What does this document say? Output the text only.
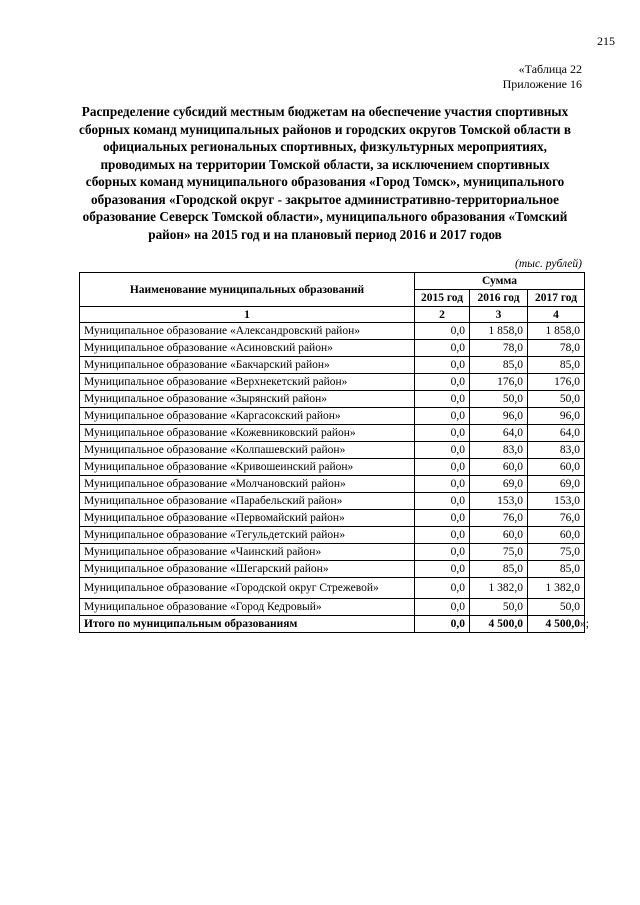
215
«Таблица 22
Приложение 16
Распределение субсидий местным бюджетам на обеспечение участия спортивных сборных команд муниципальных районов и городских округов Томской области в официальных региональных спортивных, физкультурных мероприятиях, проводимых на территории Томской области, за исключением спортивных сборных команд муниципального образования «Город Томск», муниципального образования «Городской округ - закрытое административно-территориальное образование Северск Томской области», муниципального образования «Томский район» на 2015 год и на плановый период 2016 и 2017 годов
(тыс. рублей)
Наименование муниципальных образований	Сумма		
	2015 год	2016 год	2017 год
1	2	3	4
Муниципальное образование «Александровский район»	0,0	1 858,0	1 858,0
Муниципальное образование «Асиновский район»	0,0	78,0	78,0
Муниципальное образование «Бакчарский район»	0,0	85,0	85,0
Муниципальное образование «Верхнекетский район»	0,0	176,0	176,0
Муниципальное образование «Зырянский район»	0,0	50,0	50,0
Муниципальное образование «Каргасокский район»	0,0	96,0	96,0
Муниципальное образование «Кожевниковский район»	0,0	64,0	64,0
Муниципальное образование «Колпашевский район»	0,0	83,0	83,0
Муниципальное образование «Кривошеинский район»	0,0	60,0	60,0
Муниципальное образование «Молчановский район»	0,0	69,0	69,0
Муниципальное образование «Парабельский район»	0,0	153,0	153,0
Муниципальное образование «Первомайский район»	0,0	76,0	76,0
Муниципальное образование «Тегульдетский район»	0,0	60,0	60,0
Муниципальное образование «Чаинский район»	0,0	75,0	75,0
Муниципальное образование «Шегарский район»	0,0	85,0	85,0
Муниципальное образование «Городской округ Стрежевой»	0,0	1 382,0	1 382,0
Муниципальное образование «Город Кедровый»	0,0	50,0	50,0
Итого по муниципальным образованиям	0,0	4 500,0	4 500,0 »;
